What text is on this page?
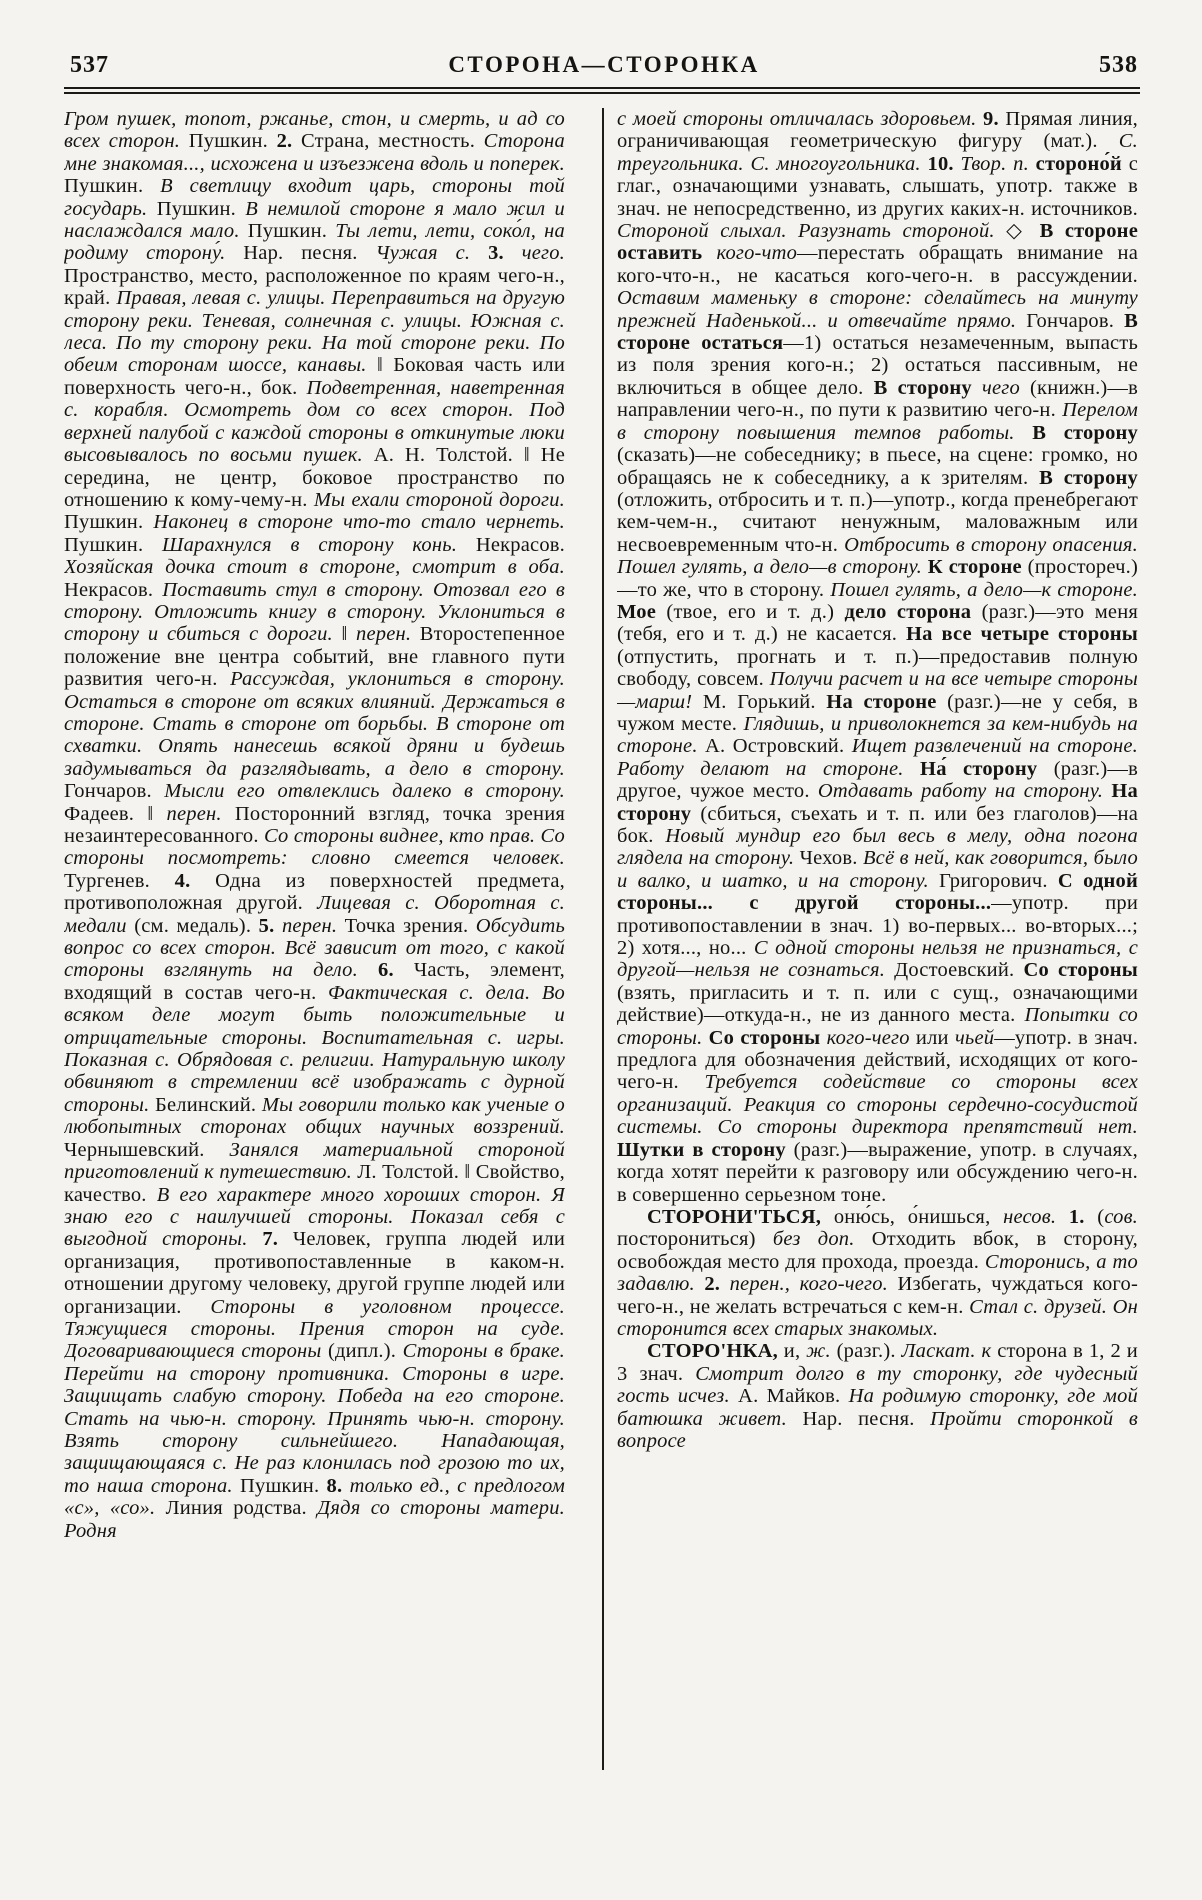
537	СТОРОНА—СТОРОНКА	538

Гром пушек, топот, ржанье, стон, и смерть, и ад со всех сторон. Пушкин. 2. Страна, местность. Сторона мне знакомая..., исхожена и изъезжена вдоль и поперек. Пушкин. В светлицу входит царь, стороны той государь. Пушкин. В немилой стороне я мало жил и наслаждался мало. Пушкин. Ты лети, лети, соко́л, на родиму сторону́. Нар. песня. Чужая с. 3. чего. Пространство, место, расположенное по краям чего-н., край. Правая, левая с. улицы. Переправиться на другую сторону реки. Теневая, солнечная с. улицы. Южная с. леса. По ту сторону реки. На той стороне реки. По обеим сторонам шоссе, канавы. ‖ Боковая часть или поверхность чего-н., бок. Подветренная, наветренная с. корабля. Осмотреть дом со всех сторон. Под верхней палубой с каждой стороны в откинутые люки высовывалось по восьми пушек. А. Н. Толстой. ‖ Не середина, не центр, боковое пространство по отношению к кому-чему-н. Мы ехали стороной дороги. Пушкин. Наконец в стороне что-то стало чернеть. Пушкин. Шарахнулся в сторону конь. Некрасов. Хозяйская дочка стоит в стороне, смотрит в оба. Некрасов. Поставить стул в сторону. Отозвал его в сторону. Отложить книгу в сторону. Уклониться в сторону и сбиться с дороги. ‖ перен. Второстепенное положение вне центра событий, вне главного пути развития чего-н. Рассуждая, уклониться в сторону. Остаться в стороне от всяких влияний. Держаться в стороне. Стать в стороне от борьбы. В стороне от схватки. Опять нанесешь всякой дряни и будешь задумываться да разглядывать, а дело в сторону. Гончаров. Мысли его отвлеклись далеко в сторону. Фадеев. ‖ перен. Посторонний взгляд, точка зрения незаинтересованного. Со стороны виднее, кто прав. Со стороны посмотреть: словно смеется человек. Тургенев. 4. Одна из поверхностей предмета, противоположная другой. Лицевая с. Оборотная с. медали (см. медаль). 5. перен. Точка зрения. Обсудить вопрос со всех сторон. Всё зависит от того, с какой стороны взглянуть на дело. 6. Часть, элемент, входящий в состав чего-н. Фактическая с. дела. Во всяком деле могут быть положительные и отрицательные стороны. Воспитательная с. игры. Показная с. Обрядовая с. религии. Натуральную школу обвиняют в стремлении всё изображать с дурной стороны. Белинский. Мы говорили только как ученые о любопытных сторонах общих научных воззрений. Чернышевский. Занялся материальной стороной приготовлений к путешествию. Л. Толстой. ‖ Свойство, качество. В его характере много хороших сторон. Я знаю его с наилучшей стороны. Показал себя с выгодной стороны. 7. Человек, группа людей или организация, противопоставленные в каком-н. отношении другому человеку, другой группе людей или организации. Стороны в уголовном процессе. Тяжущиеся стороны. Прения сторон на суде. Договаривающиеся стороны (дипл.). Стороны в браке. Перейти на сторону противника. Стороны в игре. Защищать слабую сторону. Победа на его стороне. Стать на чью-н. сторону. Принять чью-н. сторону. Взять сторону сильнейшего. Нападающая, защищающаяся с. Не раз клонилась под грозою то их, то наша сторона. Пушкин. 8. только ед., с предлогом «с», «со». Линия родства. Дядя со стороны матери. Родня

с моей стороны отличалась здоровьем. 9. Прямая линия, ограничивающая геометрическую фигуру (мат.). С. треугольника. С. многоугольника. 10. Твор. п. стороно́й с глаг., означающими узнавать, слышать, употр. также в знач. не непосредственно, из других каких-н. источников. Стороной слыхал. Разузнать стороной. ◇ В стороне оставить кого-что—перестать обращать внимание на кого-что-н., не касаться кого-чего-н. в рассуждении. Оставим маменьку в стороне: сделайтесь на минуту прежней Наденькой... и отвечайте прямо. Гончаров. В стороне остаться—1) остаться незамеченным, выпасть из поля зрения кого-н.; 2) остаться пассивным, не включиться в общее дело. В сторону чего (книжн.)—в направлении чего-н., по пути к развитию чего-н. Перелом в сторону повышения темпов работы. В сторону (сказать)—не собеседнику; в пьесе, на сцене: громко, но обращаясь не к собеседнику, а к зрителям. В сторону (отложить, отбросить и т. п.)—употр., когда пренебрегают кем-чем-н., считают ненужным, маловажным или несвоевременным что-н. Отбросить в сторону опасения. Пошел гулять, а дело—в сторону. К стороне (простореч.)—то же, что в сторону. Пошел гулять, а дело—к стороне. Мое (твое, его и т. д.) дело сторона (разг.)—это меня (тебя, его и т. д.) не касается. На все четыре стороны (отпустить, прогнать и т. п.)—предоставив полную свободу, совсем. Получи расчет и на все четыре стороны—марш! М. Горький. На стороне (разг.)—не у себя, в чужом месте. Глядишь, и приволокнется за кем-нибудь на стороне. А. Островский. Ищет развлечений на стороне. Работу делают на стороне. На́ сторону (разг.)—в другое, чужое место. Отдавать работу на сторону. На сторону (сбиться, съехать и т. п. или без глаголов)—на бок. Новый мундир его был весь в мелу, одна погона глядела на сторону. Чехов. Всё в ней, как говорится, было и валко, и шатко, и на сторону. Григорович. С одной стороны... с другой стороны...—употр. при противопоставлении в знач. 1) во-первых... во-вторых...; 2) хотя..., но... С одной стороны нельзя не признаться, с другой—нельзя не сознаться. Достоевский. Со стороны (взять, пригласить и т. п. или с сущ., означающими действие)—откуда-н., не из данного места. Попытки со стороны. Со стороны кого-чего или чьей—употр. в знач. предлога для обозначения действий, исходящих от кого-чего-н. Требуется содействие со стороны всех организаций. Реакция со стороны сердечно-сосудистой системы. Со стороны директора препятствий нет. Шутки в сторону (разг.)—выражение, употр. в случаях, когда хотят перейти к разговору или обсуждению чего-н. в совершенно серьезном тоне.

СТОРОНИ'ТЬСЯ, оню́сь, о́нишься, несов. 1. (сов. посторониться) без доп. Отходить вбок, в сторону, освобождая место для прохода, проезда. Сторонись, а то задавлю. 2. перен., кого-чего. Избегать, чуждаться кого-чего-н., не желать встречаться с кем-н. Стал с. друзей. Он сторонится всех старых знакомых.

СТОРО'НКА, и, ж. (разг.). Ласкат. к сторона в 1, 2 и 3 знач. Смотрит долго в ту сторонку, где чудесный гость исчез. А. Майков. На родимую сторонку, где мой батюшка живет. Нар. песня. Пройти сторонкой в вопросе
